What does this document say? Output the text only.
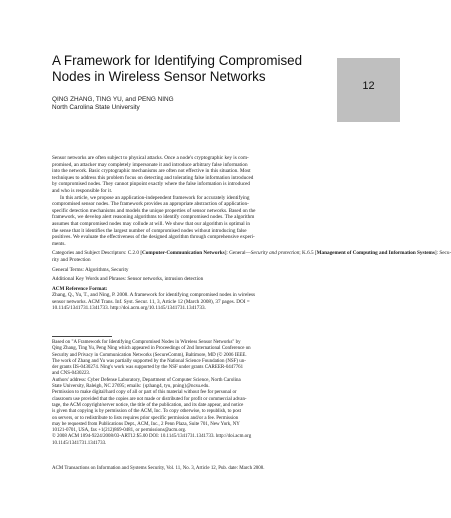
12
A Framework for Identifying Compromised
Nodes in Wireless Sensor Networks
QING ZHANG, TING YU, and PENG NING
North Carolina State University
Sensor networks are often subject to physical attacks. Once a node's cryptographic key is com-
promised, an attacker may completely impersonate it and introduce arbitrary false information
into the network. Basic cryptographic mechanisms are often not effective in this situation. Most
techniques to address this problem focus on detecting and tolerating false information introduced
by compromised nodes. They cannot pinpoint exactly where the false information is introduced
and who is responsible for it.
In this article, we propose an application-independent framework for accurately identifying
compromised sensor nodes. The framework provides an appropriate abstraction of application-
specific detection mechanisms and models the unique properties of sensor networks. Based on the
framework, we develop alert reasoning algorithms to identify compromised nodes. The algorithm
assumes that compromised nodes may collude at will. We show that our algorithm is optimal in
the sense that it identifies the largest number of compromised nodes without introducing false
positives. We evaluate the effectiveness of the designed algorithm through comprehensive experi-
ments.
Categories and Subject Descriptors: C.2.0 [Computer-Communication Networks]: General—Security and protection; K.6.5 [Management of Computing and Information Systems]: Secu-
rity and Protection
General Terms: Algorithms, Security
Additional Key Words and Phrases: Sensor networks, intrusion detection
ACM Reference Format:
Zhang, Q., Yu, T., and Ning, P. 2008. A framework for identifying compromised nodes in wireless
sensor networks. ACM Trans. Inf. Syst. Secur. 11, 3, Article 12 (March 2008), 37 pages. DOI =
10.1145/1341731.1341733. http://doi.acm.org/10.1145/1341731.1341733.
Based on "A Framework for Identifying Compromised Nodes in Wireless Sensor Networks" by
Qing Zhang, Ting Yu, Peng Ning which appeared in Proceedings of 2nd International Conference on
Security and Privacy in Communication Networks (SecureComm), Baltimore, MD (© 2006 IEEE.
The work of Zhang and Yu was partially supported by the National Science Foundation (NSF) un-
der grants IIS-0430274. Ning's work was supported by the NSF under grants CAREER-0447761
and CNS-0430223.
Authors' address: Cyber Defense Laboratory, Department of Computer Science, North Carolina
State University, Raleigh, NC 27695; emails: {qzhang4, tyu, pning}@ncsu.edu.
Permission to make digital/hard copy of all or part of this material without fee for personal or
classroom use provided that the copies are not made or distributed for profit or commercial advan-
tage, the ACM copyright/server notice, the title of the publication, and its date appear, and notice
is given that copying is by permission of the ACM, Inc. To copy otherwise, to republish, to post
on servers, or to redistribute to lists requires prior specific permission and/or a fee. Permission
may be requested from Publications Dept., ACM, Inc., 2 Penn Plaza, Suite 701, New York, NY
10121-0701, USA, fax +1(212)869-0481, or permissions@acm.org.
© 2008 ACM 1094-9224/2008/03-ART12 $5.00 DOI: 10.1145/1341731.1341733. http://doi.acm.org
10.1145/1341731.1341733.
ACM Transactions on Information and Systems Security, Vol. 11, No. 3, Article 12, Pub. date: March 2008.
